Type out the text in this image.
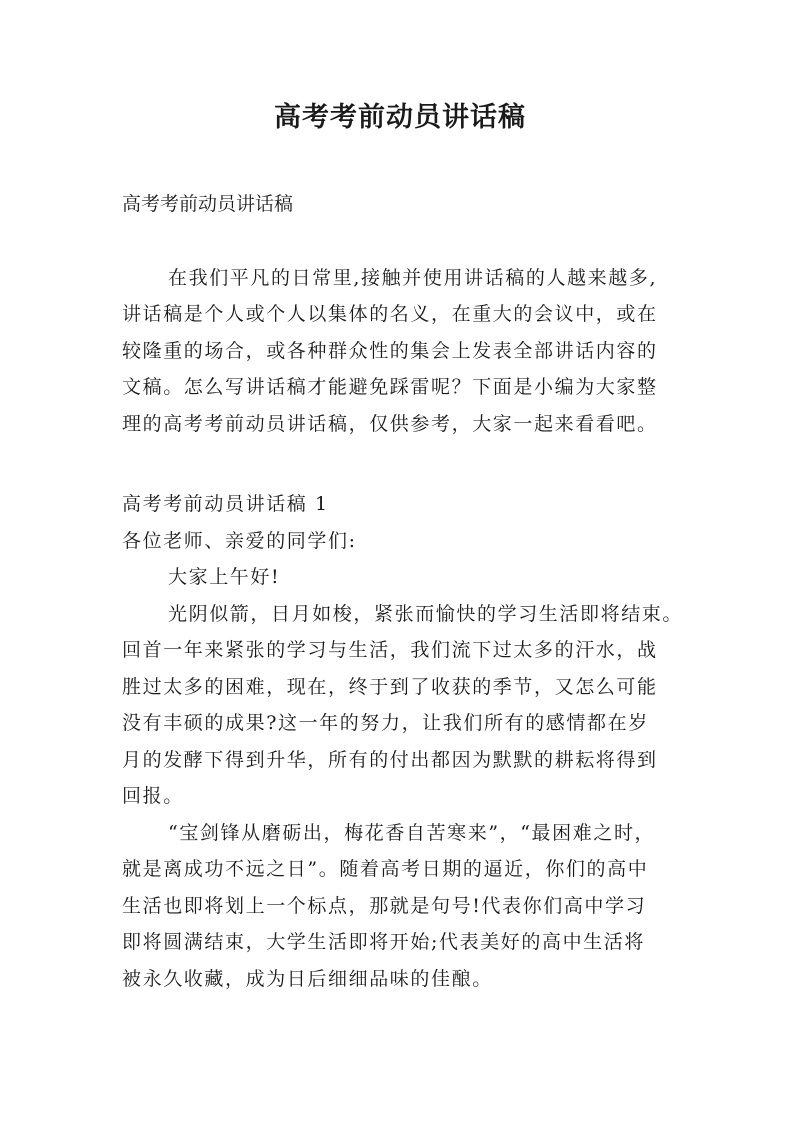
高考考前动员讲话稿
高考考前动员讲话稿
在我们平凡的日常里,接触并使用讲话稿的人越来越多,
讲话稿是个人或个人以集体的名义，在重大的会议中，或在
较隆重的场合，或各种群众性的集会上发表全部讲话内容的
文稿。怎么写讲话稿才能避免踩雷呢？下面是小编为大家整
理的高考考前动员讲话稿，仅供参考，大家一起来看看吧。
高考考前动员讲话稿 1
各位老师、亲爱的同学们:
大家上午好!
光阴似箭，日月如梭，紧张而愉快的学习生活即将结束。
回首一年来紧张的学习与生活，我们流下过太多的汗水，战
胜过太多的困难，现在，终于到了收获的季节，又怎么可能
没有丰硕的成果?这一年的努力，让我们所有的感情都在岁
月的发酵下得到升华，所有的付出都因为默默的耕耘将得到
回报。
“宝剑锋从磨砺出，梅花香自苦寒来”，“最困难之时，
就是离成功不远之日”。随着高考日期的逼近，你们的高中
生活也即将划上一个标点，那就是句号!代表你们高中学习
即将圆满结束，大学生活即将开始;代表美好的高中生活将
被永久收藏，成为日后细细品味的佳酿。
